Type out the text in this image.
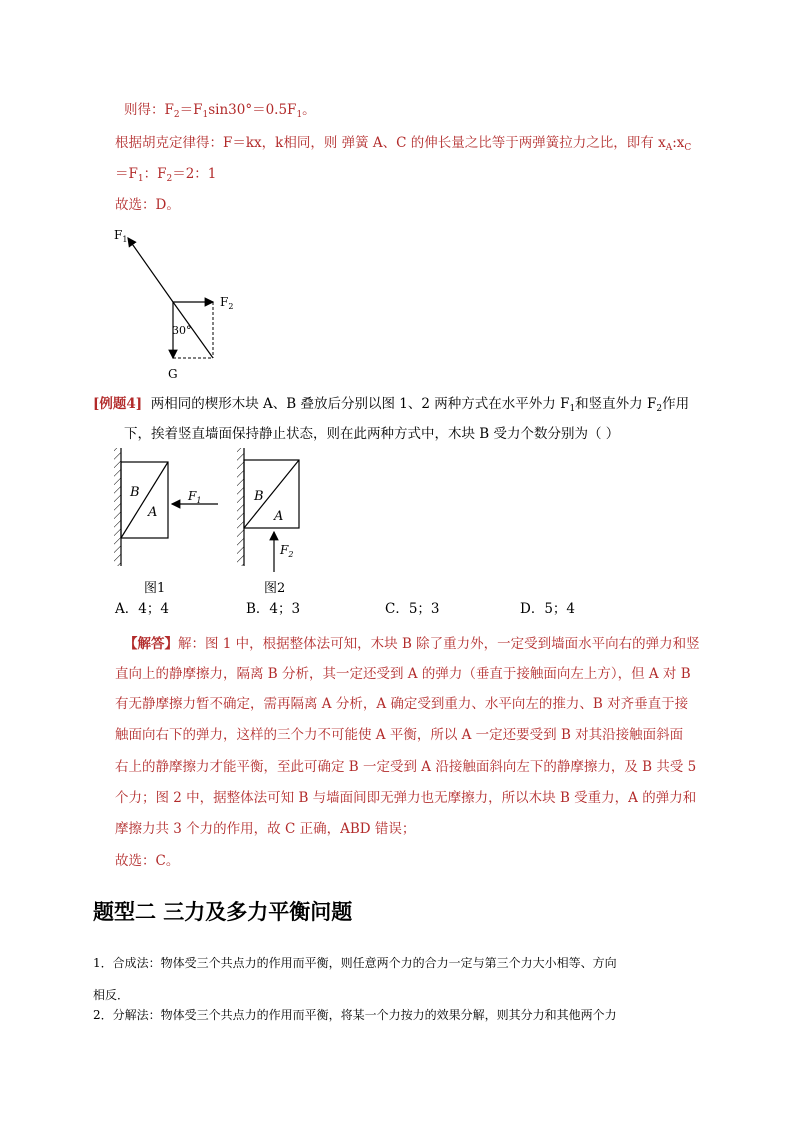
则得：$F_2=F_1\sin 30^\circ=0.5F_1$。
根据胡克定律得：F＝kx，k相同，则 弹簧 A、C 的伸长量之比等于两弹簧拉力之比，即有 $x_A:x_C$
$=F_1$：$F_2=2$：1
故选：D。
$F_1$
$F_2$
30°
G
[例题4] 两相同的楔形木块 A、B 叠放后分别以图 1、2 两种方式在水平外力 $F_1$和竖直外力 $F_2$作用
下，挨着竖直墙面保持静止状态，则在此两种方式中，木块 B 受力个数分别为（ ）
B
A
$F_1$
图1
B
A
$F_2$
图2
A．4；4	B．4；3	C．5；3	D．5；4
【解答】解：图 1 中，根据整体法可知，木块 B 除了重力外，一定受到墙面水平向右的弹力和竖
直向上的静摩擦力，隔离 B 分析，其一定还受到 A 的弹力（垂直于接触面向左上方），但 A 对 B
有无静摩擦力暂不确定，需再隔离 A 分析，A 确定受到重力、水平向左的推力、B 对齐垂直于接
触面向右下的弹力，这样的三个力不可能使 A 平衡，所以 A 一定还要受到 B 对其沿接触面斜面
右上的静摩擦力才能平衡，至此可确定 B 一定受到 A 沿接触面斜向左下的静摩擦力，及 B 共受 5
个力；图 2 中，据整体法可知 B 与墙面间即无弹力也无摩擦力，所以木块 B 受重力，A 的弹力和
摩擦力共 3 个力的作用，故 C 正确，ABD 错误；
故选：C。
题型二 三力及多力平衡问题
1．合成法：物体受三个共点力的作用而平衡，则任意两个力的合力一定与第三个力大小相等、方向
相反．
2．分解法：物体受三个共点力的作用而平衡，将某一个力按力的效果分解，则其分力和其他两个力
